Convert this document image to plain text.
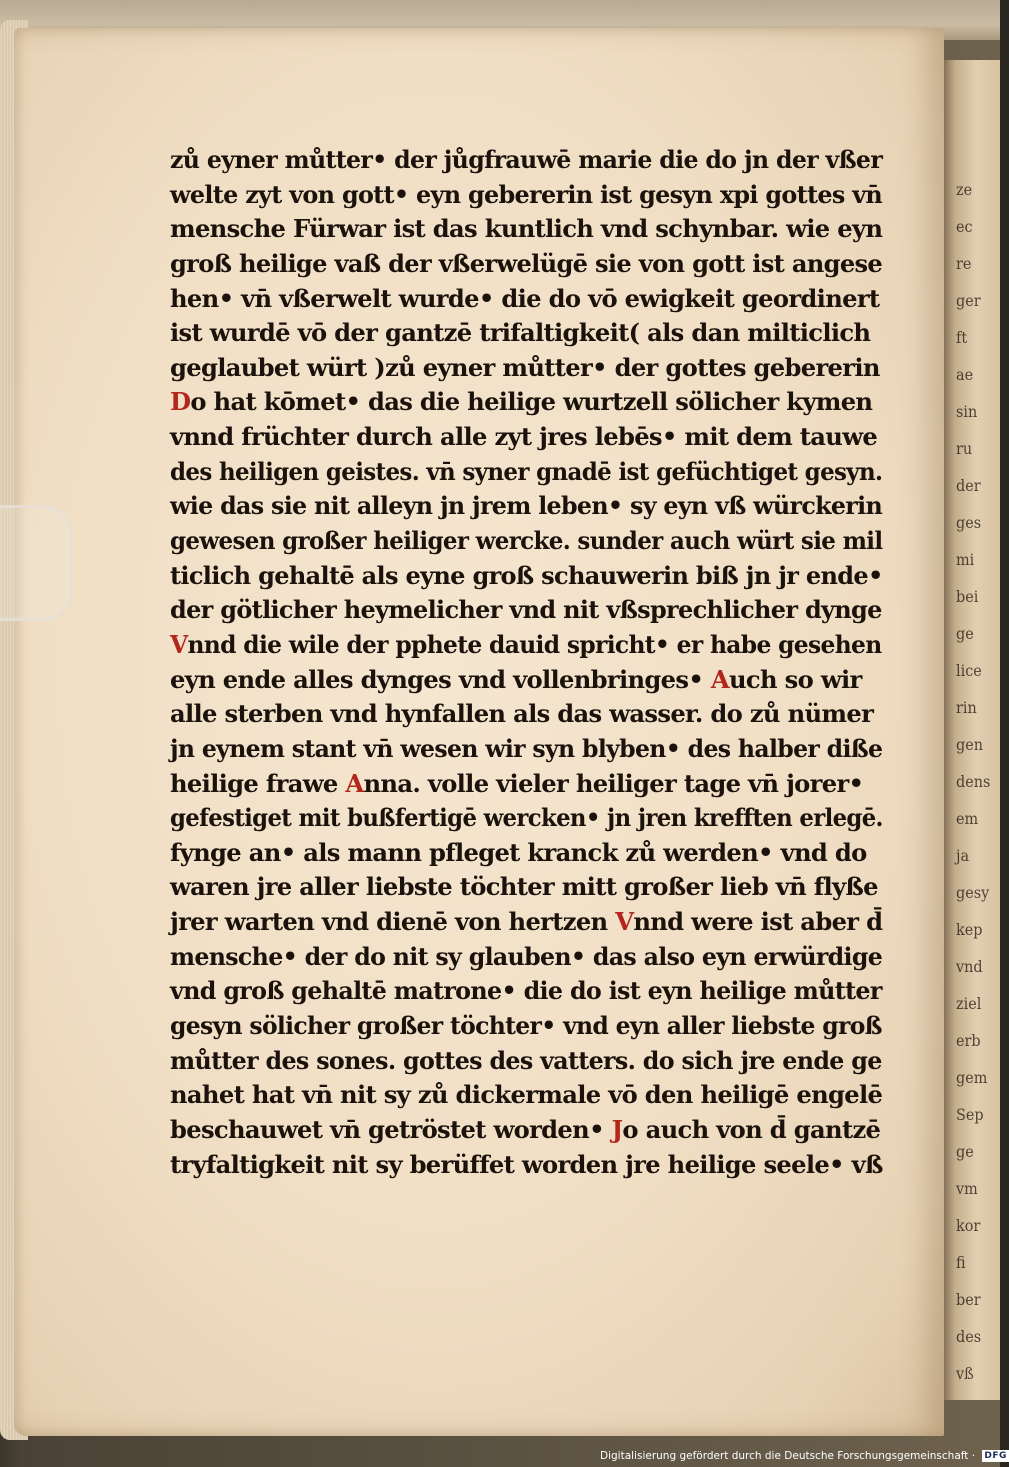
ze
ec
re
ger
ft
ae
sin
ru
der
ges
mi
bei
ge
lice
rin
gen
dens
em
ja
gesy
kep
vnd
ziel
erb
gem
Sep
ge
vm
kor
fi
ber
des
vß
zů eyner můtter• der jůgfrauwē marie die do jn der vßer
welte zyt von gott• eyn gebererin ist gesyn xpi gottes vn̄
mensche Fürwar ist das kuntlich vnd schynbar. wie eyn
groß heilige vaß der vßerwelügē sie von gott ist angese
hen• vn̄ vßerwelt wurde• die do vō ewigkeit geordinert
ist wurdē vō der gantzē trifaltigkeit( als dan milticlich
geglaubet würt )zů eyner můtter• der gottes gebererin
Do hat kōmet• das die heilige wurtzell sölicher kymen
vnnd früchter durch alle zyt jres lebēs• mit dem tauwe
des heiligen geistes. vn̄ syner gnadē ist gefüchtiget gesyn.
wie das sie nit alleyn jn jrem leben• sy eyn vß würckerin
gewesen großer heiliger wercke. sunder auch würt sie mil
ticlich gehaltē als eyne groß schauwerin biß jn jr ende•
der götlicher heymelicher vnd nit vßsprechlicher dynge
Vnnd die wile der pphete dauid spricht• er habe gesehen
eyn ende alles dynges vnd vollenbringes• Auch so wir
alle sterben vnd hynfallen als das wasser. do zů nümer
jn eynem stant vn̄ wesen wir syn blyben• des halber diße
heilige frawe Anna. volle vieler heiliger tage vn̄ jorer•
gefestiget mit bußfertigē wercken• jn jren krefften erlegē.
fynge an• als mann pfleget kranck zů werden• vnd do
waren jre aller liebste töchter mitt großer lieb vn̄ flyße
jrer warten vnd dienē von hertzen Vnnd were ist aber d̄
mensche• der do nit sy glauben• das also eyn erwürdige
vnd groß gehaltē matrone• die do ist eyn heilige můtter
gesyn sölicher großer töchter• vnd eyn aller liebste groß
můtter des sones. gottes des vatters. do sich jre ende ge
nahet hat vn̄ nit sy zů dickermale vō den heiligē engelē
beschauwet vn̄ getröstet worden• Jo auch von d̄ gantzē
tryfaltigkeit nit sy berüffet worden jre heilige seele• vß
Digitalisierung gefördert durch die Deutsche Forschungsgemeinschaft · DFG
